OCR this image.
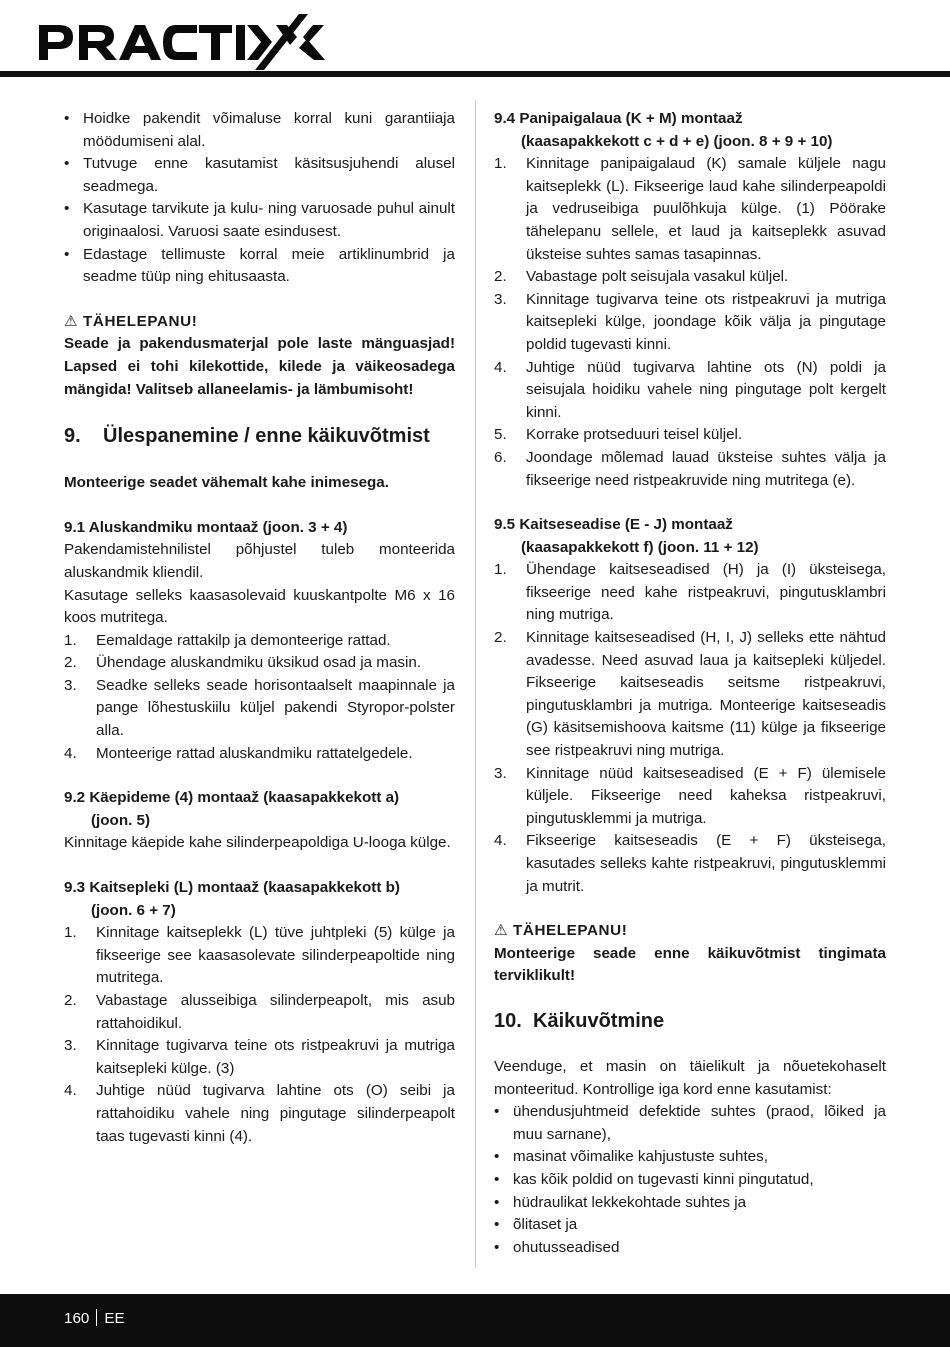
• Hoidke pakendit võimaluse korral kuni garantiiaja möödumiseni alal.
• Tutvuge enne kasutamist käsitsusjuhendi alusel seadmega.
• Kasutage tarvikute ja kulu- ning varuosade puhul ainult originaalosi. Varuosi saate esindusest.
• Edastage tellimuste korral meie artiklinumbrid ja seadme tüüp ning ehitusaasta.

⚠ TÄHELEPANU!

Seade ja pakendusmaterjal pole laste mänguasjad! Lapsed ei tohi kilekottide, kilede ja väikeosadega mängida! Valitseb allaneelamis- ja lämbumisoht!

9. Ülespanemine / enne käikuvõtmist

Monteerige seadet vähemalt kahe inimesega.

9.1 Aluskandmiku montaaž (joon. 3 + 4)

Pakendamistehnilistel põhjustel tuleb monteerida aluskandmik kliendil.

Kasutage selleks kaasasolevaid kuuskantpolte M6 x 16 koos mutritega.

1.	Eemaldage rattakilp ja demonteerige rattad.
2.	Ühendage aluskandmiku üksikud osad ja masin.
3.	Seadke selleks seade horisontaalselt maapinnale ja pange lõhestuskiilu küljel pakendi Styropor-polster alla.
4.	Monteerige rattad aluskandmiku rattatelgedele.

9.2 Käepideme (4) montaaž (kaasapakkekott a)

(joon. 5)

Kinnitage käepide kahe silinderpeapoldiga U-looga külge.

9.3 Kaitsepleki (L) montaaž (kaasapakkekott b)

(joon. 6 + 7)

1.	Kinnitage kaitseplekk (L) tüve juhtpleki (5) külge ja fikseerige see kaasasolevate silinderpeapoltide ning mutritega.
2.	Vabastage alusseibiga silinderpeapolt, mis asub rattahoidikul.
3.	Kinnitage tugivarva teine ots ristpeakruvi ja mutriga kaitsepleki külge. (3)
4.	Juhtige nüüd tugivarva lahtine ots (O) seibi ja rattahoidiku vahele ning pingutage silinderpeapolt taas tugevasti kinni (4).

9.4 Panipaigalaua (K + M) montaaž

(kaasapakkekott c + d + e) (joon. 8 + 9 + 10)

1.	Kinnitage panipaigalaud (K) samale küljele nagu kaitseplekk (L). Fikseerige laud kahe silinderpeapoldi ja vedruseibiga puulõhkuja külge. (1) Pöörake tähelepanu sellele, et laud ja kaitseplekk asuvad üksteise suhtes samas tasapinnas.
2.	Vabastage polt seisujala vasakul küljel.
3.	Kinnitage tugivarva teine ots ristpeakruvi ja mutriga kaitsepleki külge, joondage kõik välja ja pingutage poldid tugevasti kinni.
4.	Juhtige nüüd tugivarva lahtine ots (N) poldi ja seisujala hoidiku vahele ning pingutage polt kergelt kinni.
5.	Korrake protseduuri teisel küljel.
6.	Joondage mõlemad lauad üksteise suhtes välja ja fikseerige need ristpeakruvide ning mutritega (e).

9.5 Kaitseseadise (E - J) montaaž

(kaasapakkekott f) (joon. 11 + 12)

1.	Ühendage kaitseseadised (H) ja (I) üksteisega, fikseerige need kahe ristpeakruvi, pingutusklambri ning mutriga.
2.	Kinnitage kaitseseadised (H, I, J) selleks ette nähtud avadesse. Need asuvad laua ja kaitsepleki küljedel. Fikseerige kaitseseadis seitsme ristpeakruvi, pingutusklambri ja mutriga. Monteerige kaitseseadis (G) käsitsemishoova kaitsme (11) külge ja fikseerige see ristpeakruvi ning mutriga.
3.	Kinnitage nüüd kaitseseadised (E + F) ülemisele küljele. Fikseerige need kaheksa ristpeakruvi, pingutusklemmi ja mutriga.
4.	Fikseerige kaitseseadis (E + F) üksteisega, kasutades selleks kahte ristpeakruvi, pingutusklemmi ja mutrit.

⚠ TÄHELEPANU!

Monteerige seade enne käikuvõtmist tingimata terviklikult!

10. Käikuvõtmine

Veenduge, et masin on täielikult ja nõuetekohaselt monteeritud. Kontrollige iga kord enne kasutamist:

• ühendusjuhtmeid defektide suhtes (praod, lõiked ja muu sarnane),
• masinat võimalike kahjustuste suhtes,
• kas kõik poldid on tugevasti kinni pingutatud,
• hüdraulikat lekkekohtade suhtes ja
• õlitaset ja
• ohutusseadised
160 EE
